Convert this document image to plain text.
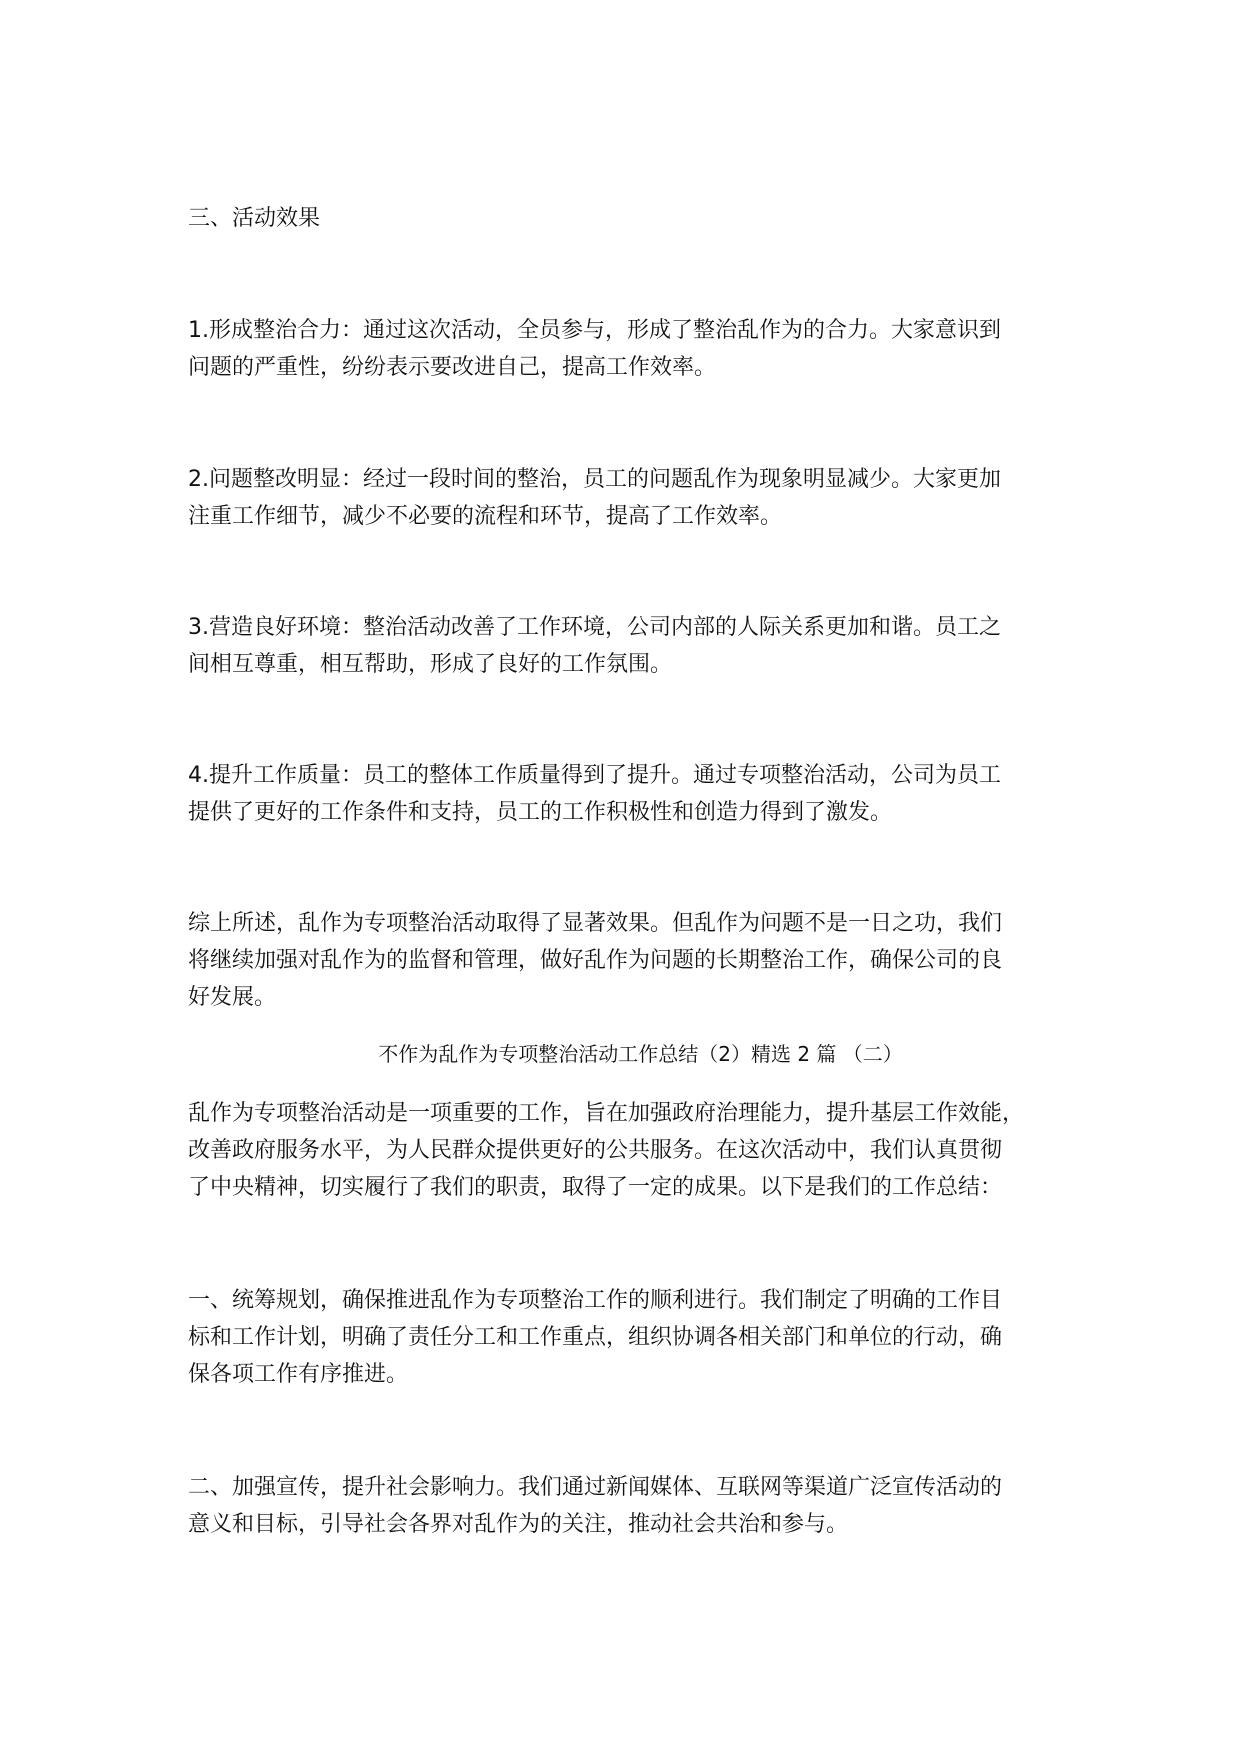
三、活动效果
1.形成整治合力：通过这次活动，全员参与，形成了整治乱作为的合力。大家意识到
问题的严重性，纷纷表示要改进自己，提高工作效率。
2.问题整改明显：经过一段时间的整治，员工的问题乱作为现象明显减少。大家更加
注重工作细节，减少不必要的流程和环节，提高了工作效率。
3.营造良好环境：整治活动改善了工作环境，公司内部的人际关系更加和谐。员工之
间相互尊重，相互帮助，形成了良好的工作氛围。
4.提升工作质量：员工的整体工作质量得到了提升。通过专项整治活动，公司为员工
提供了更好的工作条件和支持，员工的工作积极性和创造力得到了激发。
综上所述，乱作为专项整治活动取得了显著效果。但乱作为问题不是一日之功，我们
将继续加强对乱作为的监督和管理，做好乱作为问题的长期整治工作，确保公司的良
好发展。
不作为乱作为专项整治活动工作总结（2）精选 2 篇 （二）
乱作为专项整治活动是一项重要的工作，旨在加强政府治理能力，提升基层工作效能，
改善政府服务水平，为人民群众提供更好的公共服务。在这次活动中，我们认真贯彻
了中央精神，切实履行了我们的职责，取得了一定的成果。以下是我们的工作总结：
一、统筹规划，确保推进乱作为专项整治工作的顺利进行。我们制定了明确的工作目
标和工作计划，明确了责任分工和工作重点，组织协调各相关部门和单位的行动，确
保各项工作有序推进。
二、加强宣传，提升社会影响力。我们通过新闻媒体、互联网等渠道广泛宣传活动的
意义和目标，引导社会各界对乱作为的关注，推动社会共治和参与。
